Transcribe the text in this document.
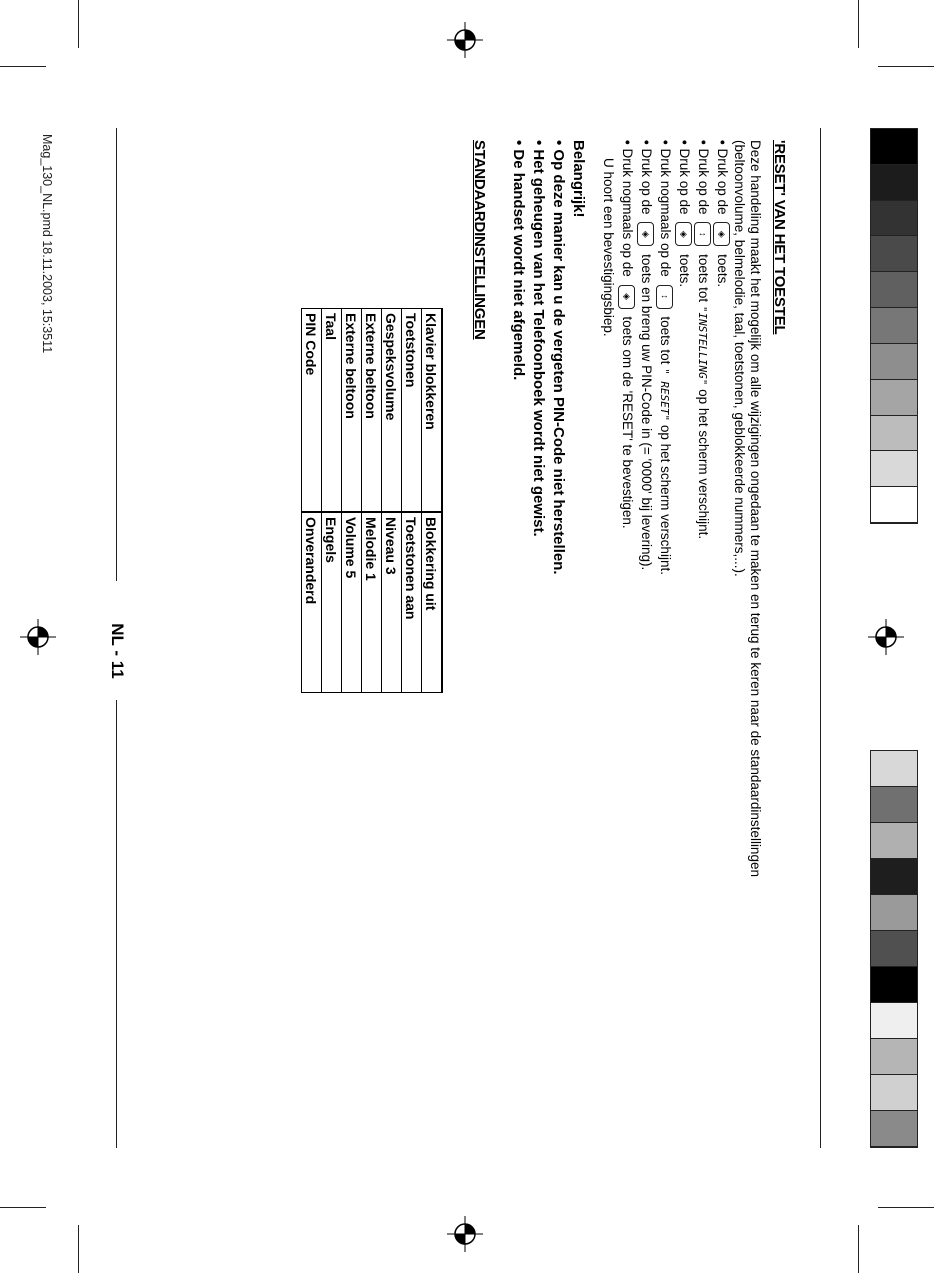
NL - 11
Mag_130_NL.pmd 18.11.2003, 15:3511	'RESET' VAN HET TOESTEL

Deze handeling maakt het mogelijk om alle wijzigingen ongedaan te maken en terug te keren naar de standaardinstellingen

(beltoonvolume, belmelodie, taal, toetstonen, geblokkeerde nummers,...).

• Druk op de ◈ toets.
• Druk op de ↕ toets tot "INSTELLING" op het scherm verschijnt.
• Druk op de ◈ toets.
• Druk nogmaals op de ↕ toets tot " RESET" op het scherm verschijnt.
• Druk op de ◈ toets en breng uw PIN-Code in (= '0000' bij levering).
• Druk nogmaals op de ◈ toets om de 'RESET' te bevestigen.

U hoort een bevestigingsbiep.

Belangrijk!
• Op deze manier kan u de vergeten PIN-Code niet herstellen.
• Het geheugen van het Telefoonboek wordt niet gewist.
• De handset wordt niet afgemeld.
STANDAARDINSTELLINGEN
Klavier blokkeren	Blokkering uit
Toetstonen	Toetstonen aan
Gespeksvolume	Niveau 3
Externe beltoon	Melodie 1
Externe beltoon	Volume 5
Taal	Engels
PIN Code	Onveranderd
